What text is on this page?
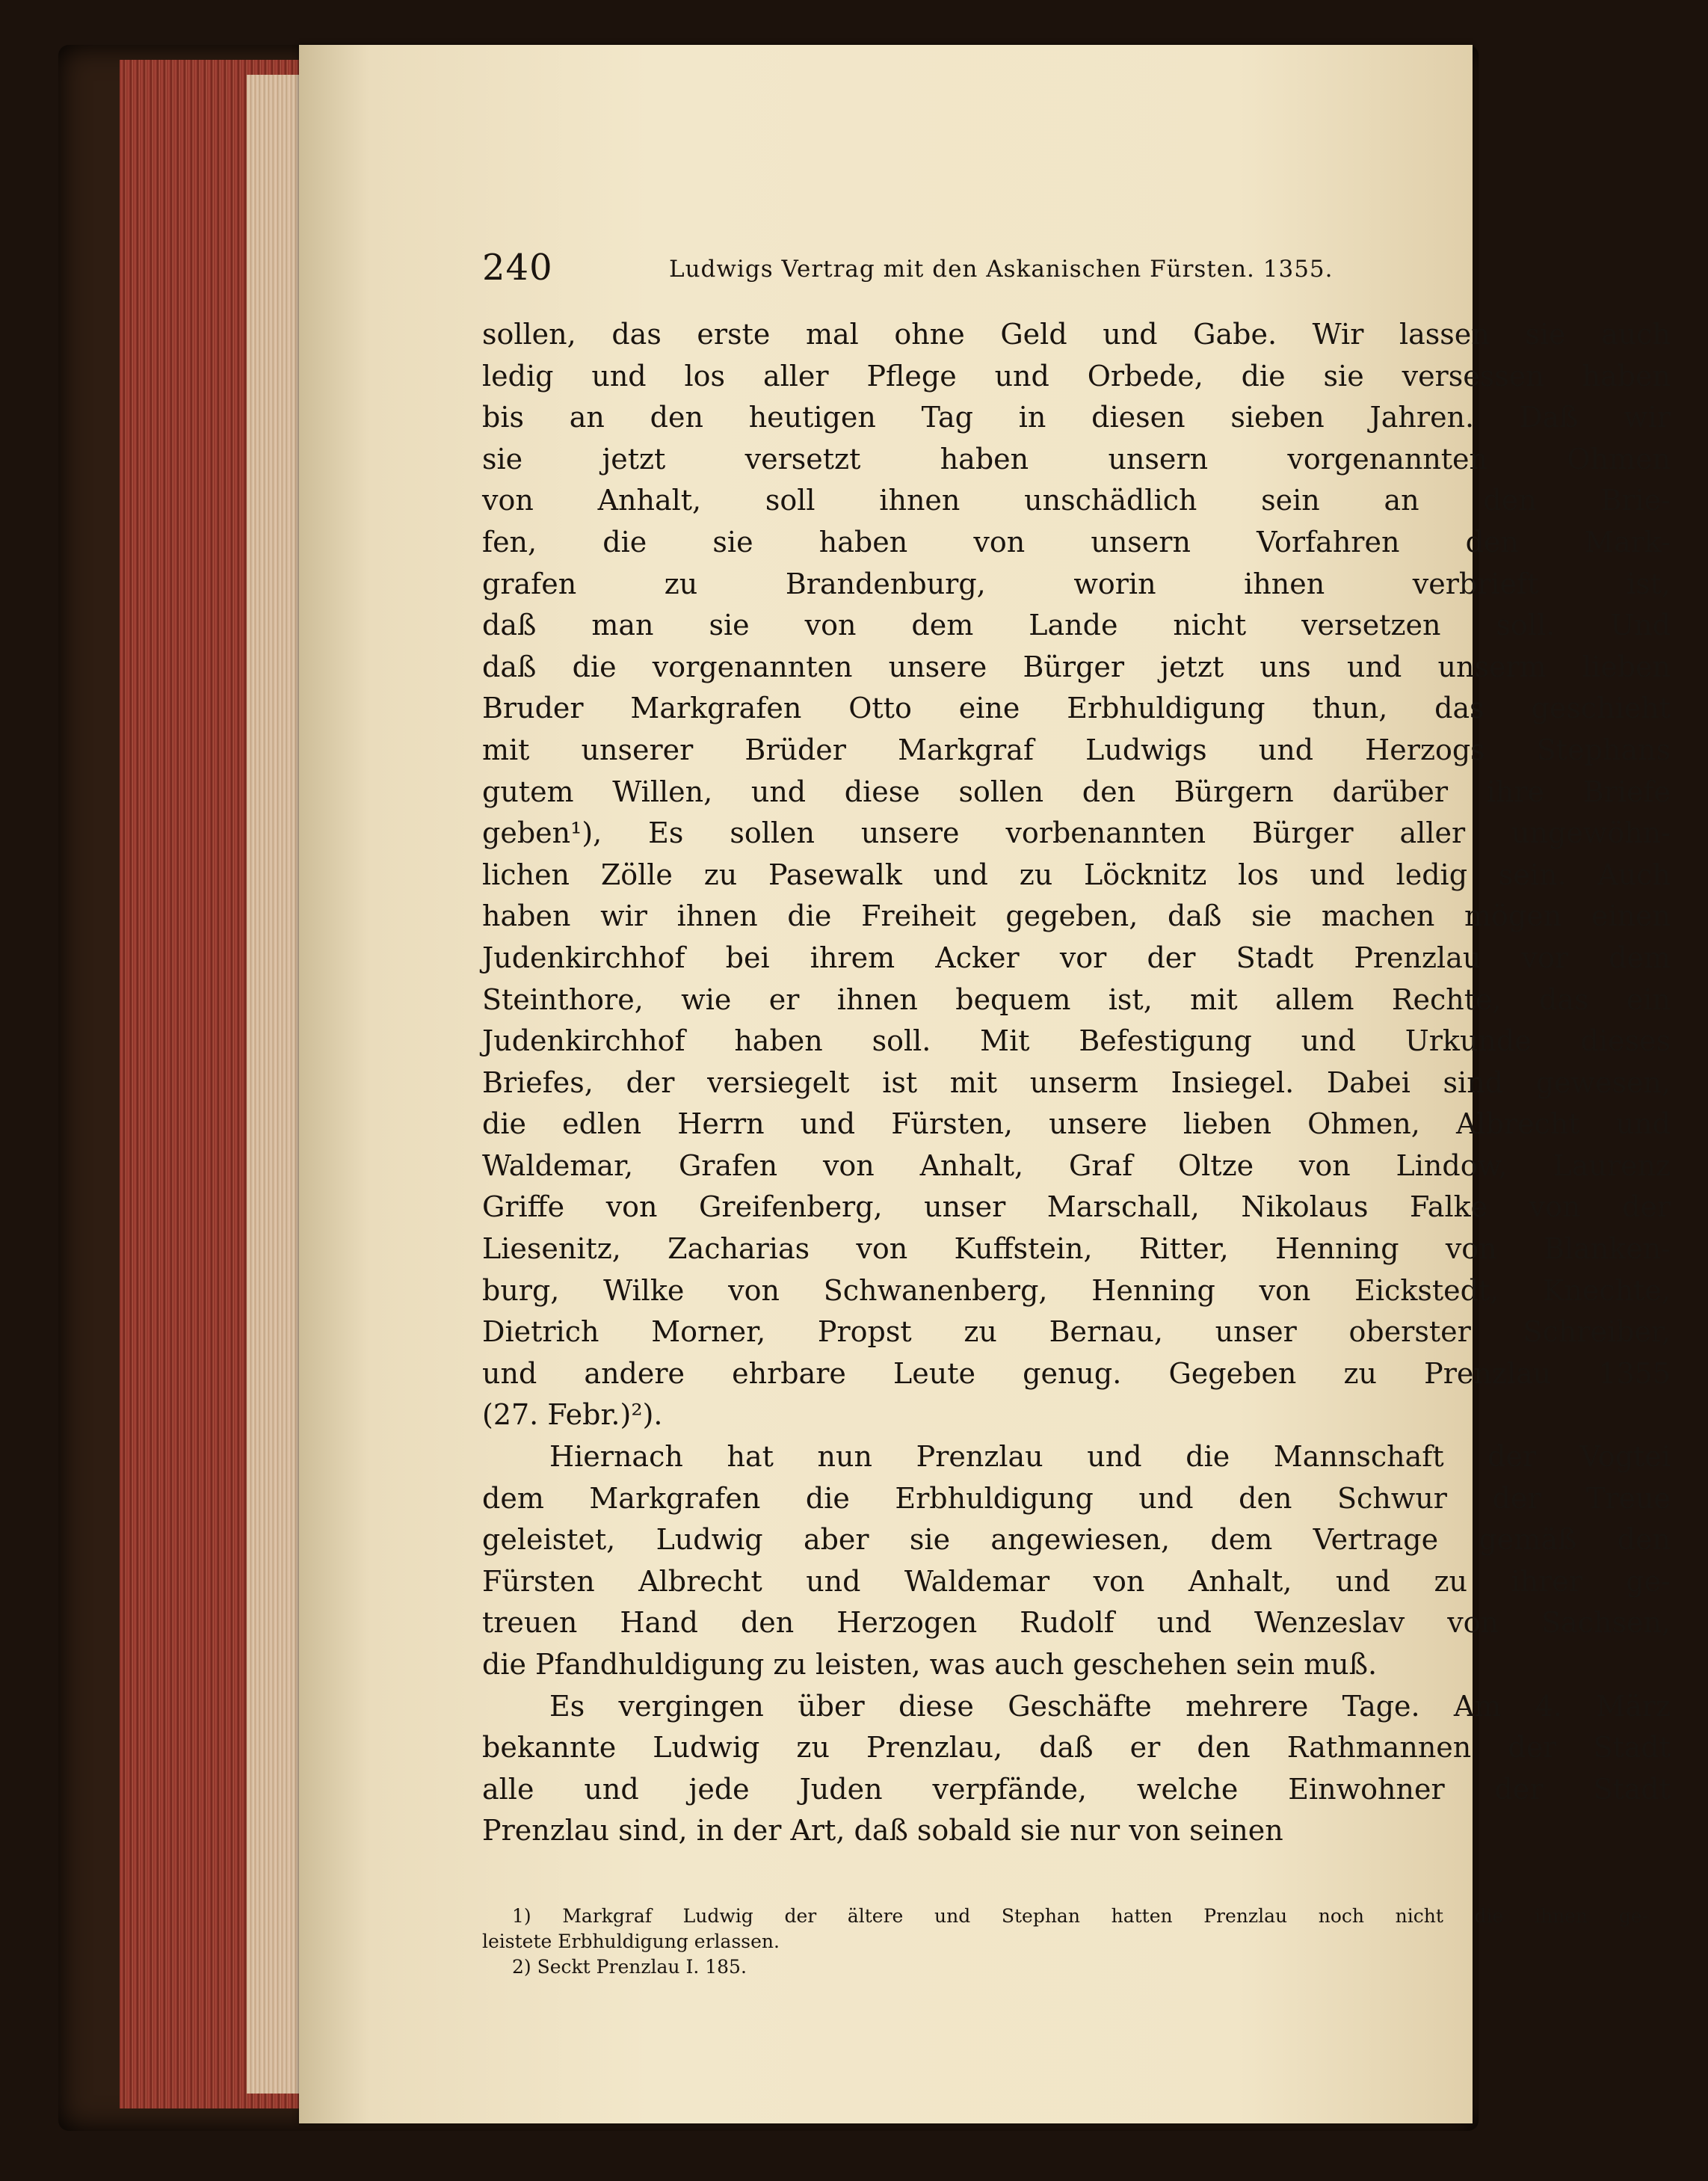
240	Ludwigs Vertrag mit den Askanischen Fürsten. 1355.
sollen, das erste mal ohne Geld und Gabe. Wir lassen sie auch
ledig und los aller Pflege und Orbede, die sie versessen haben
bis an den heutigen Tag in diesen sieben Jahren. Daß wir
sie jetzt versetzt haben unsern vorgenannten Ohmen
von Anhalt, soll ihnen unschädlich sein an den Brie-
fen, die sie haben von unsern Vorfahren den Mark-
grafen zu Brandenburg, worin ihnen verbrieft ist,
daß man sie von dem Lande nicht versetzen soll. Und
daß die vorgenannten unsere Bürger jetzt uns und unserm lieben
Bruder Markgrafen Otto eine Erbhuldigung thun, das geschieht
mit unserer Brüder Markgraf Ludwigs und Herzogs Stephans
gutem Willen, und diese sollen den Bürgern darüber ihre Briefe
geben¹), Es sollen unsere vorbenannten Bürger aller ungewöhn-
lichen Zölle zu Pasewalk und zu Löcknitz los und ledig sein. Auch
haben wir ihnen die Freiheit gegeben, daß sie machen mögen einen
Judenkirchhof bei ihrem Acker vor der Stadt Prenzlau vor dem
Steinthore, wie er ihnen bequem ist, mit allem Rechte, das ein
Judenkirchhof haben soll. Mit Befestigung und Urkunde dieses
Briefes, der versiegelt ist mit unserm Insiegel. Dabei sind gewesen,
die edlen Herrn und Fürsten, unsere lieben Ohmen, Albrecht und
Waldemar, Grafen von Anhalt, Graf Oltze von Lindow, Laurenz
Griffe von Greifenberg, unser Marschall, Nikolaus Falke von der
Liesenitz, Zacharias von Kuffstein, Ritter, Henning von Blanken-
burg, Wilke von Schwanenberg, Henning von Eickstedt, Knechte,
Dietrich Morner, Propst zu Bernau, unser oberster Schreiber,
und andere ehrbare Leute genug. Gegeben zu Prenzlau 1355
(27. Febr.)²).
Hiernach hat nun Prenzlau und die Mannschaft der Vogtei
dem Markgrafen die Erbhuldigung und den Schwur der Treue
geleistet, Ludwig aber sie angewiesen, dem Vertrage gemäß den
Fürsten Albrecht und Waldemar von Anhalt, und zu ihrer ge-
treuen Hand den Herzogen Rudolf und Wenzeslav von Sachsen,
die Pfandhuldigung zu leisten, was auch geschehen sein muß.
Es vergingen über diese Geschäfte mehrere Tage. Am 4. März
bekannte Ludwig zu Prenzlau, daß er den Rathmannen der Stadt
alle und jede Juden verpfände, welche Einwohner der Stadt
Prenzlau sind, in der Art, daß sobald sie nur von seinen
1) Markgraf Ludwig der ältere und Stephan hatten Prenzlau noch nicht die ihnen ge-
leistete Erbhuldigung erlassen.
2) Seckt Prenzlau I. 185.
